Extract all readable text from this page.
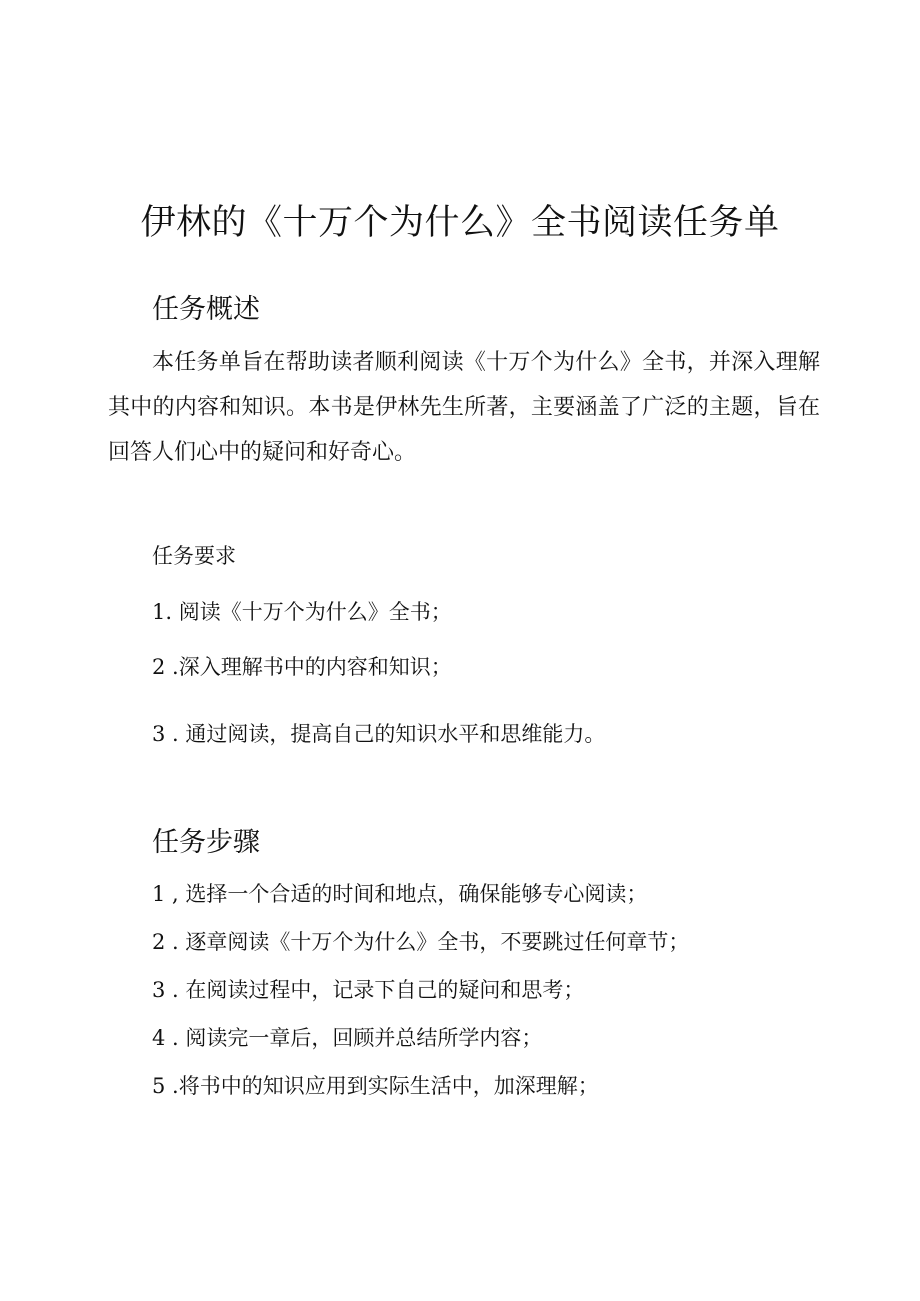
伊林的《十万个为什么》全书阅读任务单
任务概述
本任务单旨在帮助读者顺利阅读《十万个为什么》全书，并深入理解其中的内容和知识。本书是伊林先生所著，主要涵盖了广泛的主题，旨在回答人们心中的疑问和好奇心。
任务要求
1. 阅读《十万个为什么》全书；
2 .深入理解书中的内容和知识；
3 . 通过阅读，提高自己的知识水平和思维能力。
任务步骤
1 , 选择一个合适的时间和地点，确保能够专心阅读；
2 . 逐章阅读《十万个为什么》全书，不要跳过任何章节；
3 . 在阅读过程中，记录下自己的疑问和思考；
4 . 阅读完一章后，回顾并总结所学内容；
5 .将书中的知识应用到实际生活中，加深理解；
